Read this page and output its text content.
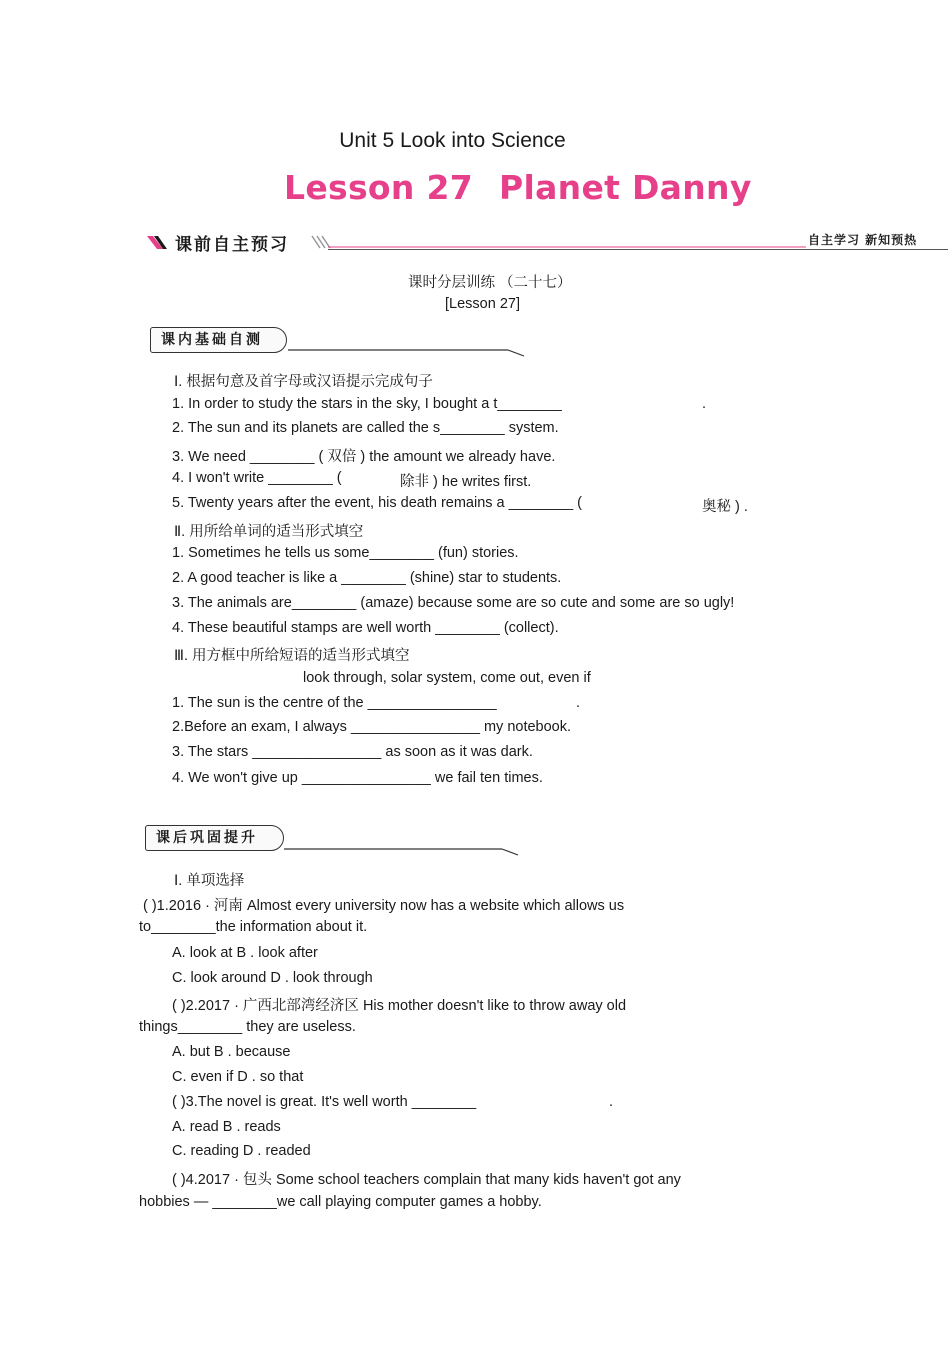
Unit 5 Look into Science
Lesson 27 Planet Danny
课前自主预习	自主学习 新知预热
课时分层训练 （二十七）
[Lesson 27]
课内基础自测
Ⅰ. 根据句意及首字母或汉语提示完成句子
1. In order to study the stars in the sky, I bought a t________	.
2. The sun and its planets are called the s________ system.
3. We need ________ ( 双倍 ) the amount we already have.
4. I won't write ________ (	除非 ) he writes first.
5. Twenty years after the event, his death remains a ________ (	奥秘 ) .
Ⅱ. 用所给单词的适当形式填空
1. Sometimes he tells us some________ (fun) stories.
2. A good teacher is like a ________ (shine) star to students.
3. The animals are________ (amaze) because some are so cute and some are so ugly!
4. These beautiful stamps are well worth ________ (collect).
Ⅲ. 用方框中所给短语的适当形式填空
look through, solar system, come out, even if
1. The sun is the centre of the ________________	.
2.Before an exam, I always ________________ my notebook.
3. The stars ________________ as soon as it was dark.
4. We won't give up ________________ we fail ten times.
课后巩固提升
Ⅰ. 单项选择
( )1.2016 · 河南 Almost every university now has a website which allows us
to________the information about it.
A. look at B . look after
C. look around D . look through
( )2.2017 · 广西北部湾经济区 His mother doesn't like to throw away old
things________ they are useless.
A. but B . because
C. even if D . so that
( )3.The novel is great. It's well worth ________	.
A. read B . reads
C. reading D . readed
( )4.2017 · 包头 Some school teachers complain that many kids haven't got any
hobbies — ________we call playing computer games a hobby.
